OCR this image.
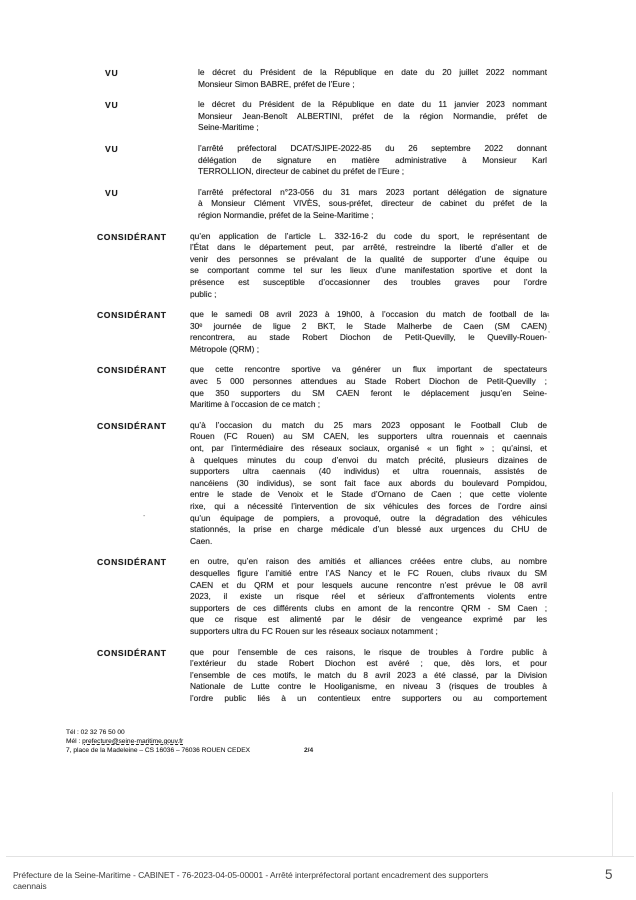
VU	le décret du Président de la République en date du 20 juillet 2022 nommant
Monsieur Simon BABRE, préfet de l’Eure ;
VU	le décret du Président de la République en date du 11 janvier 2023 nommant
Monsieur Jean-Benoît ALBERTINI, préfet de la région Normandie, préfet de
Seine-Maritime ;
VU	l’arrêté préfectoral DCAT/SJIPE-2022-85 du 26 septembre 2022 donnant
délégation de signature en matière administrative à Monsieur Karl
TERROLLION, directeur de cabinet du préfet de l’Eure ;
VU	l’arrêté préfectoral n°23-056 du 31 mars 2023 portant délégation de signature
à Monsieur Clément VIVÈS, sous-préfet, directeur de cabinet du préfet de la
région Normandie, préfet de la Seine-Maritime ;
CONSIDÉRANT	qu’en application de l’article L. 332-16-2 du code du sport, le représentant de
l’État dans le département peut, par arrêté, restreindre la liberté d’aller et de
venir des personnes se prévalant de la qualité de supporter d’une équipe ou
se comportant comme tel sur les lieux d’une manifestation sportive et dont la
présence est susceptible d’occasionner des troubles graves pour l’ordre
public ;
CONSIDÉRANT	que le samedi 08 avril 2023 à 19h00, à l’occasion du match de football de la
30ᵉ journée de ligue 2 BKT, le Stade Malherbe de Caen (SM CAEN)
rencontrera, au stade Robert Diochon de Petit-Quevilly, le Quevilly-Rouen-
Métropole (QRM) ;
CONSIDÉRANT	que cette rencontre sportive va générer un flux important de spectateurs
avec 5 000 personnes attendues au Stade Robert Diochon de Petit-Quevilly ;
que 350 supporters du SM CAEN feront le déplacement jusqu’en Seine-
Maritime à l’occasion de ce match ;
CONSIDÉRANT	qu’à l’occasion du match du 25 mars 2023 opposant le Football Club de
Rouen (FC Rouen) au SM CAEN, les supporters ultra rouennais et caennais
ont, par l’intermédiaire des réseaux sociaux, organisé « un fight » ; qu’ainsi, et
à quelques minutes du coup d’envoi du match précité, plusieurs dizaines de
supporters ultra caennais (40 individus) et ultra rouennais, assistés de
nancéiens (30 individus), se sont fait face aux abords du boulevard Pompidou,
entre le stade de Venoix et le Stade d’Ornano de Caen ; que cette violente
rixe, qui a nécessité l’intervention de six véhicules des forces de l’ordre ainsi
qu’un équipage de pompiers, a provoqué, outre la dégradation des véhicules
stationnés, la prise en charge médicale d’un blessé aux urgences du CHU de
Caen.
CONSIDÉRANT	en outre, qu’en raison des amitiés et alliances créées entre clubs, au nombre
desquelles figure l’amitié entre l’AS Nancy et le FC Rouen, clubs rivaux du SM
CAEN et du QRM et pour lesquels aucune rencontre n’est prévue le 08 avril
2023, il existe un risque réel et sérieux d’affrontements violents entre
supporters de ces différents clubs en amont de la rencontre QRM - SM Caen ;
que ce risque est alimenté par le désir de vengeance exprimé par les
supporters ultra du FC Rouen sur les réseaux sociaux notamment ;
CONSIDÉRANT	que pour l’ensemble de ces raisons, le risque de troubles à l’ordre public à
l’extérieur du stade Robert Diochon est avéré ; que, dès lors, et pour
l’ensemble de ces motifs, le match du 8 avril 2023 a été classé, par la Division
Nationale de Lutte contre le Hooliganisme, en niveau 3 (risques de troubles à
l’ordre public liés à un contentieux entre supporters ou au comportement
4
,
-
Tél : 02 32 76 50 00
Mél : prefecture@seine-maritime.gouv.fr
7, place de la Madeleine – CS 16036 – 76036 ROUEN CEDEX	2/4
Préfecture de la Seine-Maritime - CABINET - 76-2023-04-05-00001 - Arrêté interpréfectoral portant encadrement des supporters
caennais
5
